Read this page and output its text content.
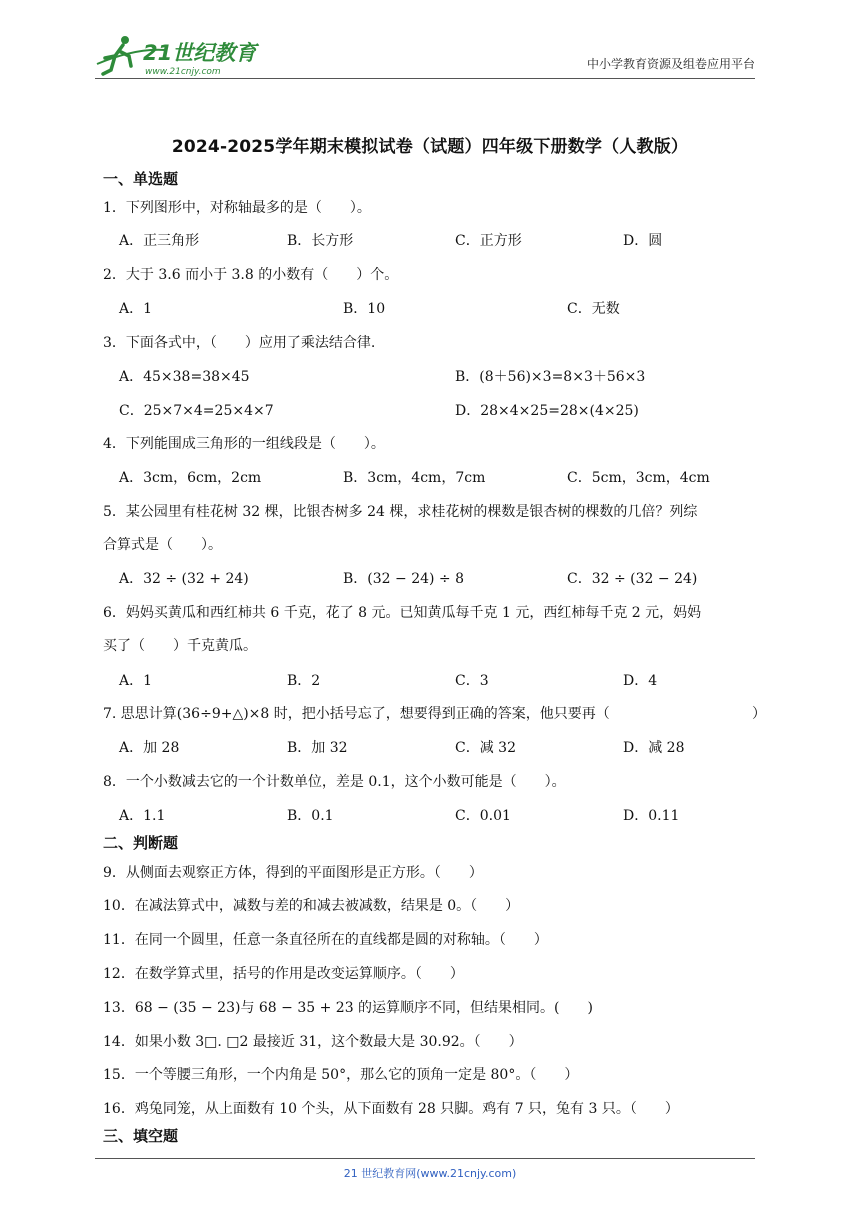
21世纪教育
www.21cnjy.com
中小学教育资源及组卷应用平台
2024-2025学年期末模拟试卷（试题）四年级下册数学（人教版）
一、单选题
1．下列图形中，对称轴最多的是（　　）。
A．正三角形	B．长方形	C．正方形	D．圆
2．大于 3.6 而小于 3.8 的小数有（　　）个。
A．1	B．10	C．无数
3．下面各式中，（　　）应用了乘法结合律.
A．45×38=38×45	B．(8＋56)×3=8×3＋56×3
C．25×7×4=25×4×7	D．28×4×25=28×(4×25)
4．下列能围成三角形的一组线段是（　　）。
A．3cm，6cm，2cm	B．3cm，4cm，7cm	C．5cm，3cm，4cm
5．某公园里有桂花树 32 棵，比银杏树多 24 棵，求桂花树的棵数是银杏树的棵数的几倍？列综
合算式是（　　）。
A．32 ÷ (32 + 24)	B．(32 − 24) ÷ 8	C．32 ÷ (32 − 24)
6．妈妈买黄瓜和西红柿共 6 千克，花了 8 元。已知黄瓜每千克 1 元，西红柿每千克 2 元，妈妈
买了（　　）千克黄瓜。
A．1	B．2	C．3	D．4
7. 思思计算(36÷9+△)×8 时，把小括号忘了，想要得到正确的答案，他只要再（	）
A．加 28	B．加 32	C．减 32	D．减 28
8．一个小数减去它的一个计数单位，差是 0.1，这个小数可能是（　　）。
A．1.1	B．0.1	C．0.01	D．0.11
二、判断题
9．从侧面去观察正方体，得到的平面图形是正方形。（　　）
10．在减法算式中，减数与差的和减去被减数，结果是 0。（　　）
11．在同一个圆里，任意一条直径所在的直线都是圆的对称轴。（　　）
12．在数学算式里，括号的作用是改变运算顺序。（　　）
13．68 − (35 − 23)与 68 − 35 + 23 的运算顺序不同，但结果相同。(　　)
14．如果小数 3□. □2 最接近 31，这个数最大是 30.92。（　　）
15．一个等腰三角形，一个内角是 50°，那么它的顶角一定是 80°。（　　）
16．鸡兔同笼，从上面数有 10 个头，从下面数有 28 只脚。鸡有 7 只，兔有 3 只。（　　）
三、填空题
21 世纪教育网(www.21cnjy.com)
